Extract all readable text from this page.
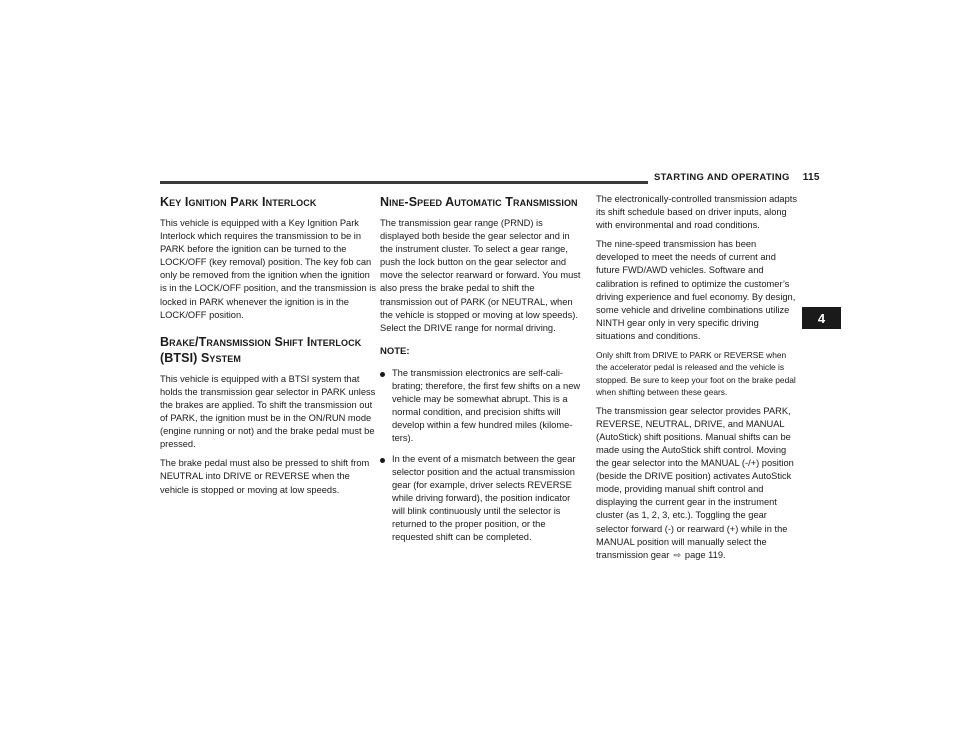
STARTING AND OPERATING 115
4
Key Ignition Park Interlock

This vehicle is equipped with a Key Ignition Park Interlock which requires the transmission to be in PARK before the ignition can be turned to the LOCK/OFF (key removal) position. The key fob can only be removed from the ignition when the ignition is in the LOCK/OFF position, and the transmission is locked in PARK whenever the ignition is in the LOCK/OFF position.

Brake/Transmission Shift Interlock (BTSI) System

This vehicle is equipped with a BTSI system that holds the transmission gear selector in PARK unless the brakes are applied. To shift the transmission out of PARK, the ignition must be in the ON/RUN mode (engine running or not) and the brake pedal must be pressed.

The brake pedal must also be pressed to shift from NEUTRAL into DRIVE or REVERSE when the vehicle is stopped or moving at low speeds.

Nine-Speed Automatic Transmission

The transmission gear range (PRND) is displayed both beside the gear selector and in the instrument cluster. To select a gear range, push the lock button on the gear selector and move the selector rearward or forward. You must also press the brake pedal to shift the transmission out of PARK (or NEUTRAL, when the vehicle is stopped or moving at low speeds). Select the DRIVE range for normal driving.

NOTE:

The transmission electronics are self-cali-brating; therefore, the first few shifts on a new vehicle may be somewhat abrupt. This is a normal condition, and precision shifts will develop within a few hundred miles (kilome-ters).
In the event of a mismatch between the gear selector position and the actual transmission gear (for example, driver selects REVERSE while driving forward), the position indicator will blink continuously until the selector is returned to the proper position, or the requested shift can be completed.

The electronically-controlled transmission adapts its shift schedule based on driver inputs, along with environmental and road conditions.

The nine-speed transmission has been developed to meet the needs of current and future FWD/AWD vehicles. Software and calibration is refined to optimize the customer’s driving experience and fuel economy. By design, some vehicle and driveline combinations utilize NINTH gear only in very specific driving situations and conditions.

Only shift from DRIVE to PARK or REVERSE when the accelerator pedal is released and the vehicle is stopped. Be sure to keep your foot on the brake pedal when shifting between these gears.

The transmission gear selector provides PARK, REVERSE, NEUTRAL, DRIVE, and MANUAL (AutoStick) shift positions. Manual shifts can be made using the AutoStick shift control. Moving the gear selector into the MANUAL (-/+) position (beside the DRIVE position) activates AutoStick mode, providing manual shift control and displaying the current gear in the instrument cluster (as 1, 2, 3, etc.). Toggling the gear selector forward (-) or rearward (+) while in the MANUAL position will manually select the transmission gear ⇨ page 119.
